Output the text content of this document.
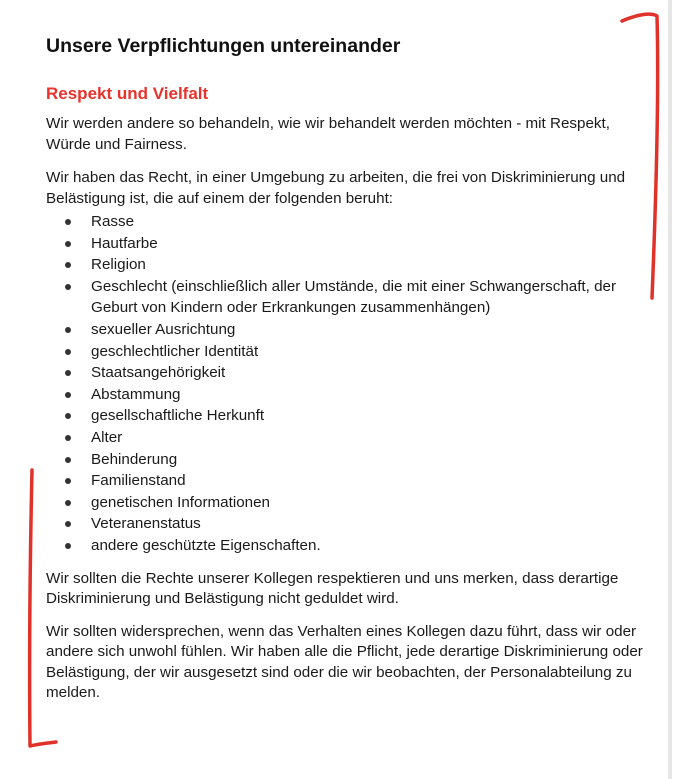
Unsere Verpflichtungen untereinander
Respekt und Vielfalt

Wir werden andere so behandeln, wie wir behandelt werden möchten - mit Respekt, Würde und Fairness.

Wir haben das Recht, in einer Umgebung zu arbeiten, die frei von Diskriminierung und Belästigung ist, die auf einem der folgenden beruht:

Rasse
Hautfarbe
Religion
Geschlecht (einschließlich aller Umstände, die mit einer Schwangerschaft, der Geburt von Kindern oder Erkrankungen zusammenhängen)
sexueller Ausrichtung
geschlechtlicher Identität
Staatsangehörigkeit
Abstammung
gesellschaftliche Herkunft
Alter
Behinderung
Familienstand
genetischen Informationen
Veteranenstatus
andere geschützte Eigenschaften.

Wir sollten die Rechte unserer Kollegen respektieren und uns merken, dass derartige Diskriminierung und Belästigung nicht geduldet wird.

Wir sollten widersprechen, wenn das Verhalten eines Kollegen dazu führt, dass wir oder andere sich unwohl fühlen. Wir haben alle die Pflicht, jede derartige Diskriminierung oder Belästigung, der wir ausgesetzt sind oder die wir beobachten, der Personalabteilung zu melden.
